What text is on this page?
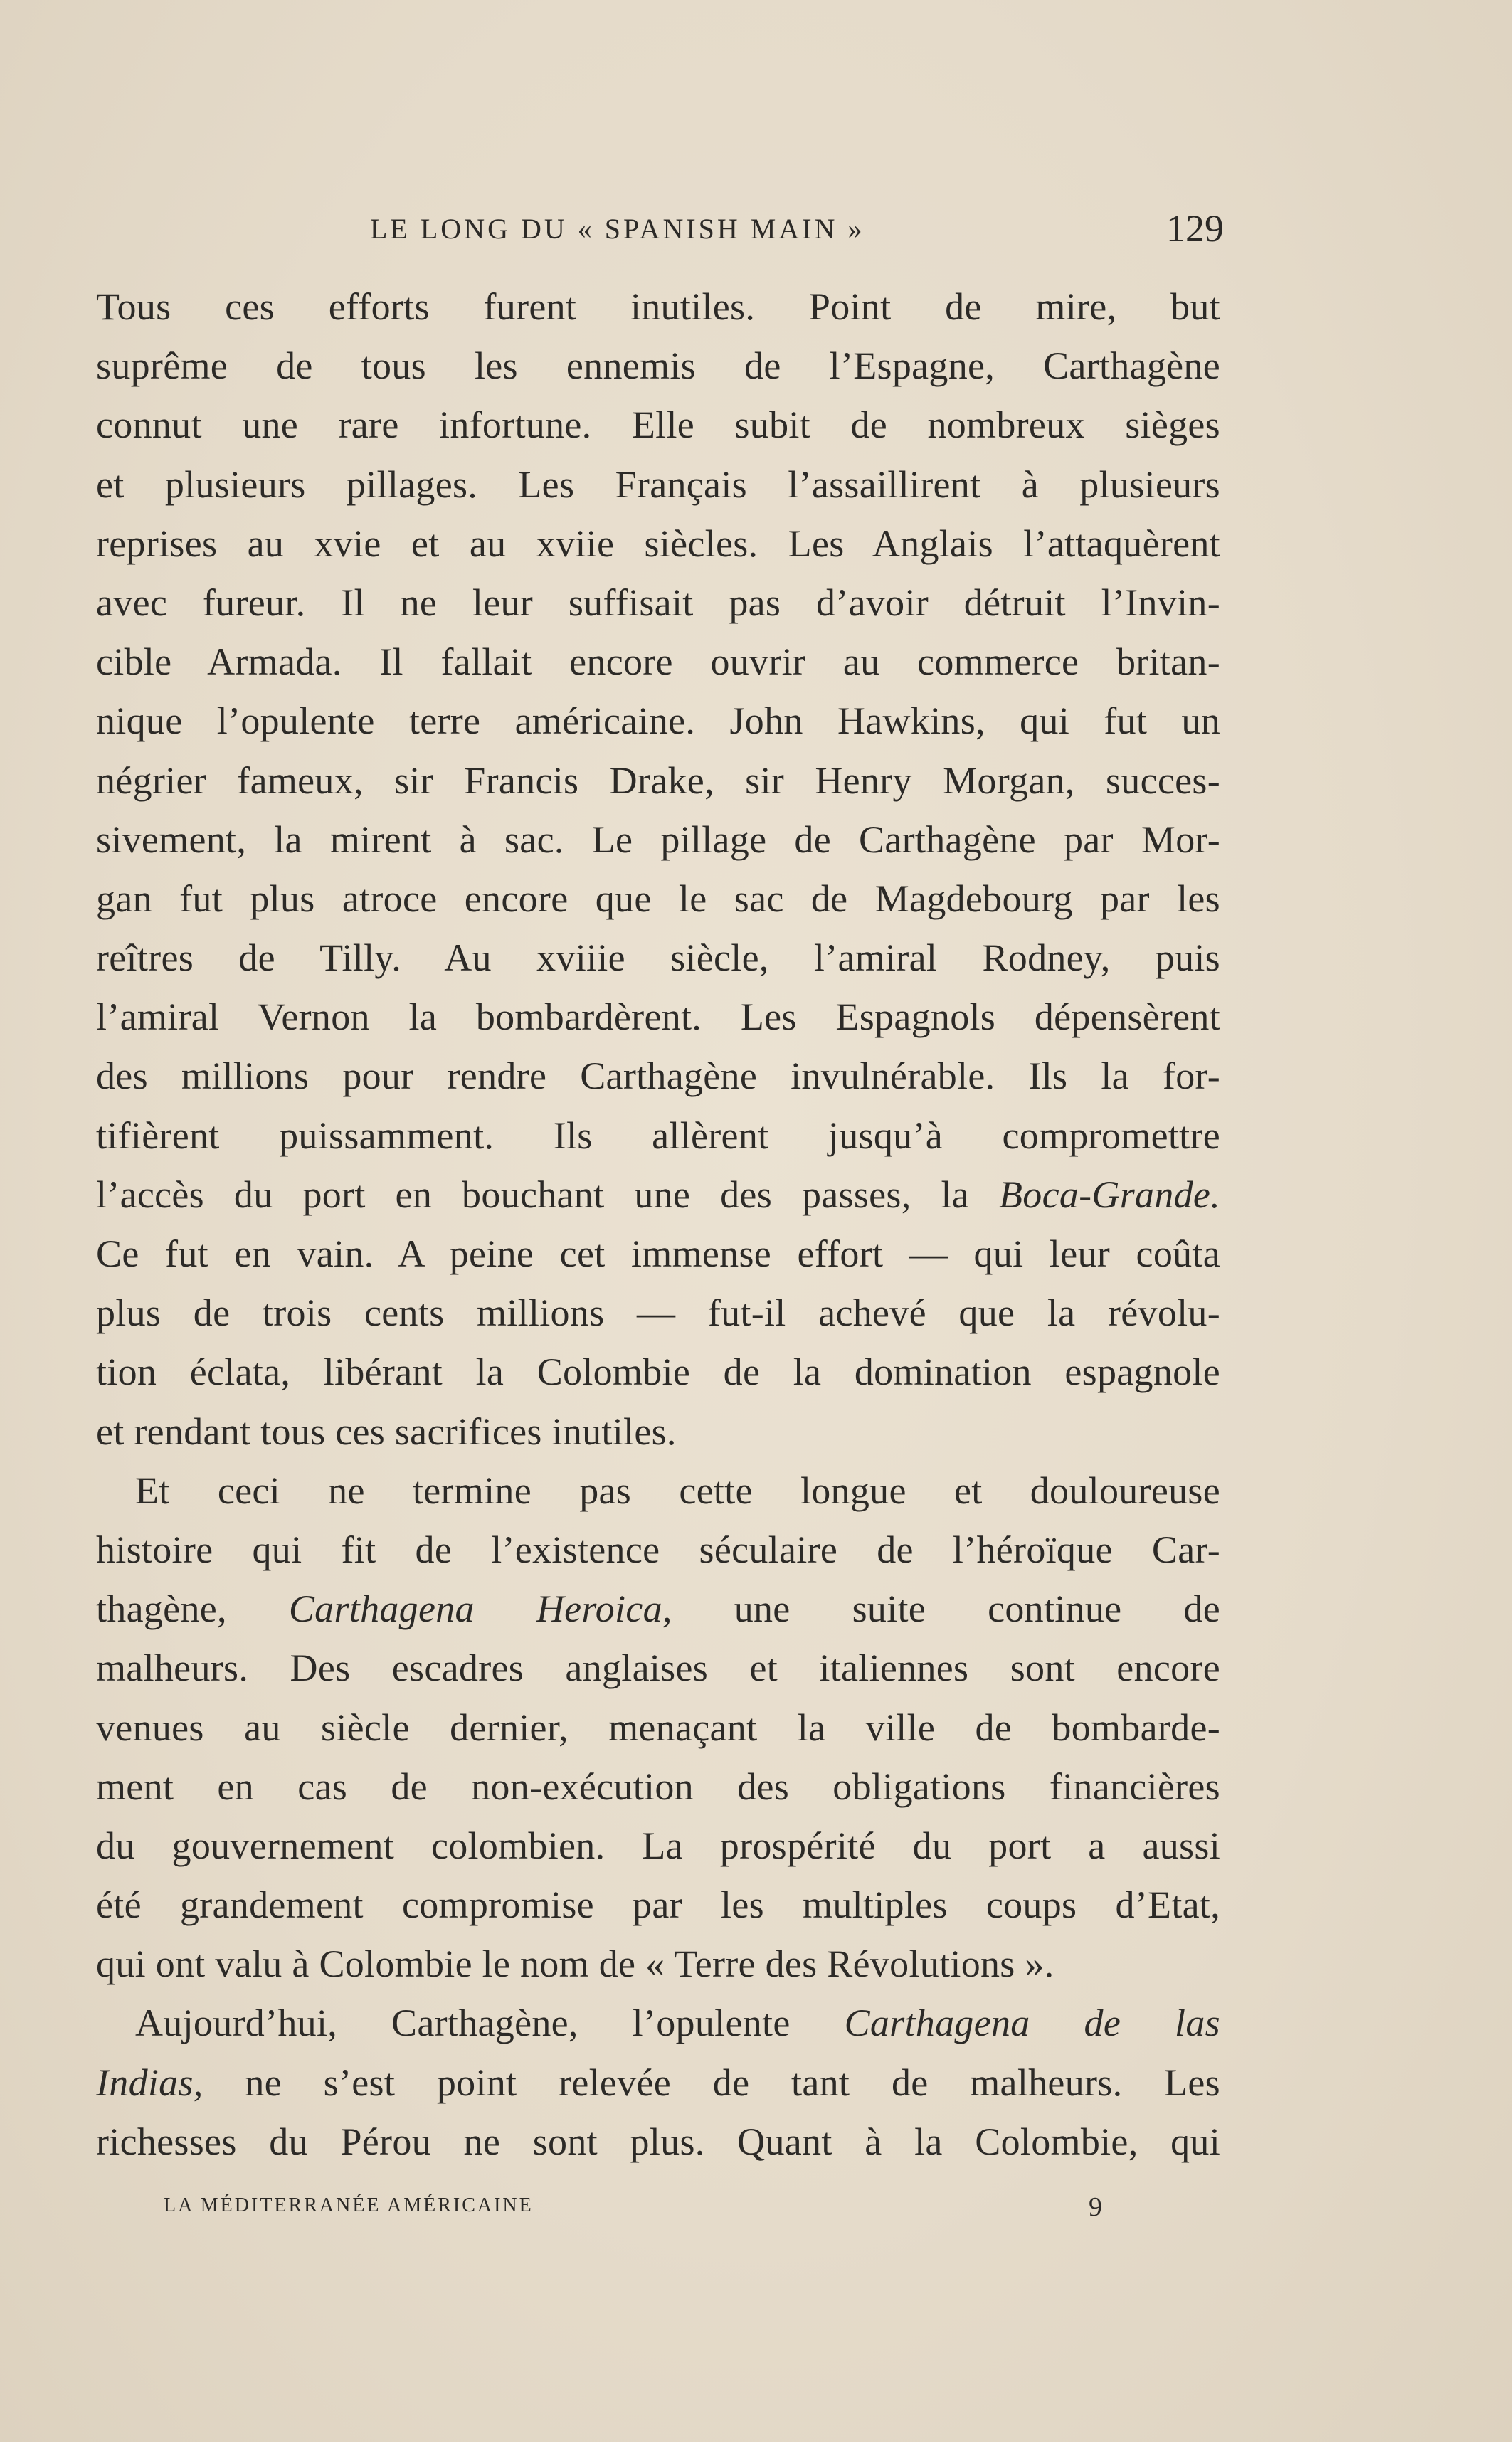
LE LONG DU « SPANISH MAIN »	129
Tous ces efforts furent inutiles. Point de mire, but
suprême de tous les ennemis de l’Espagne, Carthagène
connut une rare infortune. Elle subit de nombreux sièges
et plusieurs pillages. Les Français l’assaillirent à plusieurs
reprises au xvie et au xviie siècles. Les Anglais l’attaquèrent
avec fureur. Il ne leur suffisait pas d’avoir détruit l’Invin-
cible Armada. Il fallait encore ouvrir au commerce britan-
nique l’opulente terre américaine. John Hawkins, qui fut un
négrier fameux, sir Francis Drake, sir Henry Morgan, succes-
sivement, la mirent à sac. Le pillage de Carthagène par Mor-
gan fut plus atroce encore que le sac de Magdebourg par les
reîtres de Tilly. Au xviiie siècle, l’amiral Rodney, puis
l’amiral Vernon la bombardèrent. Les Espagnols dépensèrent
des millions pour rendre Carthagène invulnérable. Ils la for-
tifièrent puissamment. Ils allèrent jusqu’à compromettre
l’accès du port en bouchant une des passes, la Boca-Grande.
Ce fut en vain. A peine cet immense effort — qui leur coûta
plus de trois cents millions — fut-il achevé que la révolu-
tion éclata, libérant la Colombie de la domination espagnole
et rendant tous ces sacrifices inutiles.
Et ceci ne termine pas cette longue et douloureuse
histoire qui fit de l’existence séculaire de l’héroïque Car-
thagène, Carthagena Heroica, une suite continue de
malheurs. Des escadres anglaises et italiennes sont encore
venues au siècle dernier, menaçant la ville de bombarde-
ment en cas de non-exécution des obligations financières
du gouvernement colombien. La prospérité du port a aussi
été grandement compromise par les multiples coups d’Etat,
qui ont valu à Colombie le nom de « Terre des Révolutions ».
Aujourd’hui, Carthagène, l’opulente Carthagena de las
Indias, ne s’est point relevée de tant de malheurs. Les
richesses du Pérou ne sont plus. Quant à la Colombie, qui
LA MÉDITERRANÉE AMÉRICAINE	9
